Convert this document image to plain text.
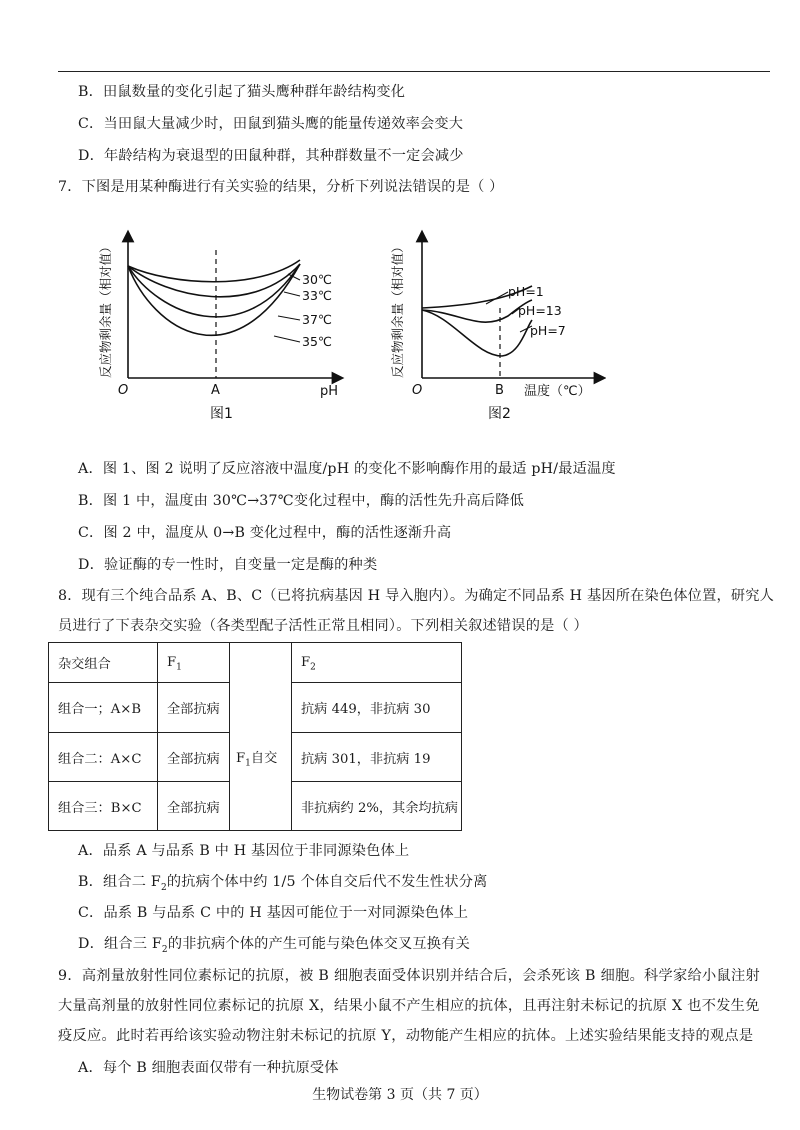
B．田鼠数量的变化引起了猫头鹰种群年龄结构变化
C．当田鼠大量减少时，田鼠到猫头鹰的能量传递效率会变大
D．年龄结构为衰退型的田鼠种群，其种群数量不一定会减少
7．下图是用某种酶进行有关实验的结果，分析下列说法错误的是（ ）
30℃
33℃
37℃
35℃
O	A	pH
反应物剩余量（相对值）
图1
pH=1
pH=13
pH=7
O	B 温度（℃）
反应物剩余量（相对值）
图2
A．图 1、图 2 说明了反应溶液中温度/pH 的变化不影响酶作用的最适 pH/最适温度
B．图 1 中，温度由 30℃→37℃变化过程中，酶的活性先升高后降低
C．图 2 中，温度从 0→B 变化过程中，酶的活性逐渐升高
D．验证酶的专一性时，自变量一定是酶的种类
8．现有三个纯合品系 A、B、C（已将抗病基因 H 导入胞内）。为确定不同品系 H 基因所在染色体位置，研究人
员进行了下表杂交实验（各类型配子活性正常且相同）。下列相关叙述错误的是（ ）
杂交组合	$F_1$		$F_2$
组合一；A×B	全部抗病	$F_1$自交	抗病 449，非抗病 30
组合二：A×C	全部抗病		抗病 301，非抗病 19
组合三：B×C	全部抗病		非抗病约 2%，其余均抗病
A．品系 A 与品系 B 中 H 基因位于非同源染色体上
B．组合二 $F_2$的抗病个体中约 1/5 个体自交后代不发生性状分离
C．品系 B 与品系 C 中的 H 基因可能位于一对同源染色体上
D．组合三 $F_2$的非抗病个体的产生可能与染色体交叉互换有关
9．高剂量放射性同位素标记的抗原，被 B 细胞表面受体识别并结合后，会杀死该 B 细胞。科学家给小鼠注射大量高剂量的放射性同位素标记的抗原 X，结果小鼠不产生相应的抗体，且再注射未标记的抗原 X 也不发生免疫反应。此时若再给该实验动物注射未标记的抗原 Y，动物能产生相应的抗体。上述实验结果能支持的观点是
A．每个 B 细胞表面仅带有一种抗原受体
生物试卷第 3 页（共 7 页）
